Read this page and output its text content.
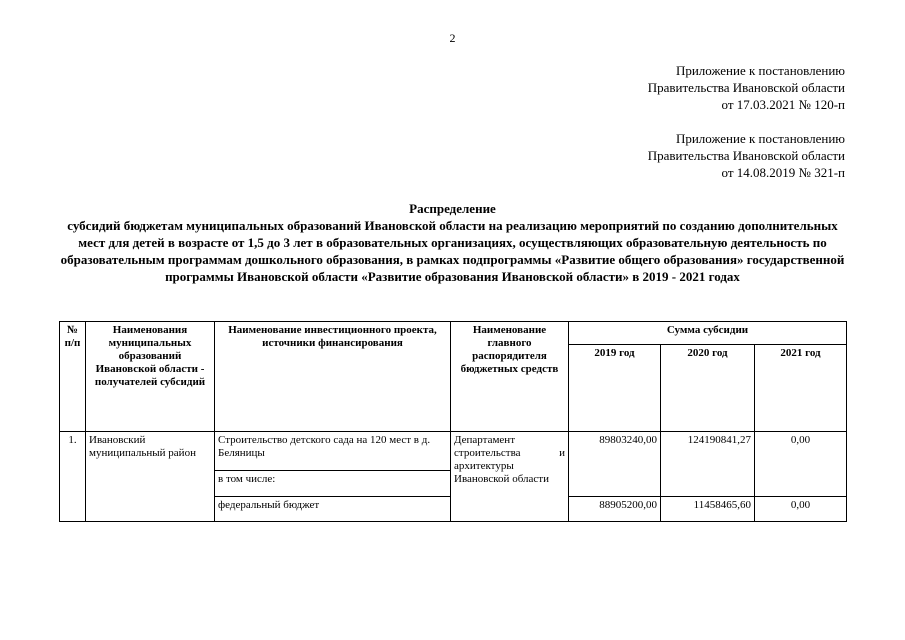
2
Приложение к постановлению
Правительства Ивановской области
от 17.03.2021 № 120-п
Приложение к постановлению
Правительства Ивановской области
от 14.08.2019 № 321-п
Распределение
субсидий бюджетам муниципальных образований Ивановской области на реализацию мероприятий по созданию дополнительных мест для детей в возрасте от 1,5 до 3 лет в образовательных организациях, осуществляющих образовательную деятельность по образовательным программам дошкольного образования, в рамках подпрограммы «Развитие общего образования» государственной программы Ивановской области «Развитие образования Ивановской области» в 2019 - 2021 годах
№ п/п	Наименования муниципальных образований Ивановской области - получателей субсидий	Наименование инвестиционного проекта, источники финансирования	Наименование главного распорядителя бюджетных средств	Сумма субсидии		
				2019 год	2020 год	2021 год
1.	Ивановский муниципальный район	Строительство детского сада на 120 мест в д. Беляницы	Департамент строительства и архитектуры Ивановской области	89803240,00	124190841,27	0,00
		в том числе:				
		федеральный бюджет		88905200,00	11458465,60	0,00
